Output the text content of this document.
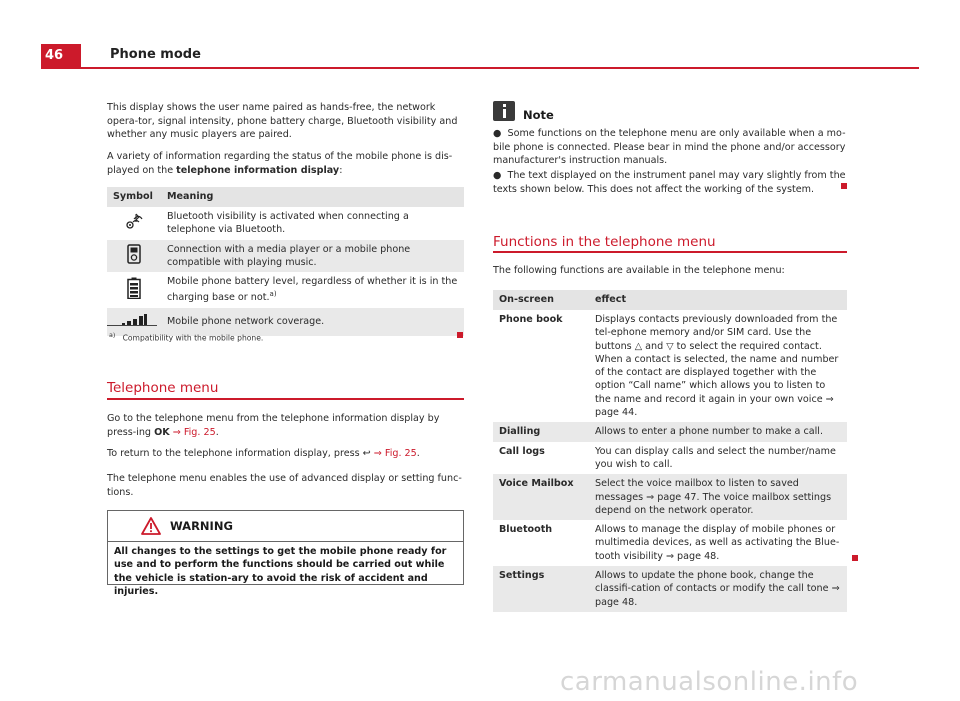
46	Phone mode

This display shows the user name paired as hands-free, the network opera-tor, signal intensity, phone battery charge, Bluetooth visibility and whether any music players are paired.

A variety of information regarding the status of the mobile phone is dis-played on the telephone information display:

Symbol	Meaning
	Bluetooth visibility is activated when connecting a telephone via Bluetooth.
	Connection with a media player or a mobile phone compatible with playing music.
	Mobile phone battery level, regardless of whether it is in the charging base or not.$^{a)}$
	Mobile phone network coverage.
$^{a)}$ Compatibility with the mobile phone.
Telephone menu

Go to the telephone menu from the telephone information display by press-ing OK ⇒ Fig. 25.

To return to the telephone information display, press ↩ ⇒ Fig. 25.

The telephone menu enables the use of advanced display or setting func-tions.

WARNING
All changes to the settings to get the mobile phone ready for use and to perform the functions should be carried out while the vehicle is station-ary to avoid the risk of accident and injuries.
Note

● Some functions on the telephone menu are only available when a mo-bile phone is connected. Please bear in mind the phone and/or accessory manufacturer's instruction manuals.

● The text displayed on the instrument panel may vary slightly from the texts shown below. This does not affect the working of the system.

Functions in the telephone menu

The following functions are available in the telephone menu:

On-screen	effect
Phone book	Displays contacts previously downloaded from the tel-ephone memory and/or SIM card. Use the buttons △ and ▽ to select the required contact. When a contact is selected, the name and number of the contact are displayed together with the option “Call name” which allows you to listen to the name and record it again in your own voice ⇒ page 44.
Dialling	Allows to enter a phone number to make a call.
Call logs	You can display calls and select the number/name you wish to call.
Voice Mailbox	Select the voice mailbox to listen to saved messages ⇒ page 47. The voice mailbox settings depend on the network operator.
Bluetooth	Allows to manage the display of mobile phones or multimedia devices, as well as activating the Blue-tooth visibility ⇒ page 48.
Settings	Allows to update the phone book, change the classifi-cation of contacts or modify the call tone ⇒ page 48.
carmanualsonline.info
